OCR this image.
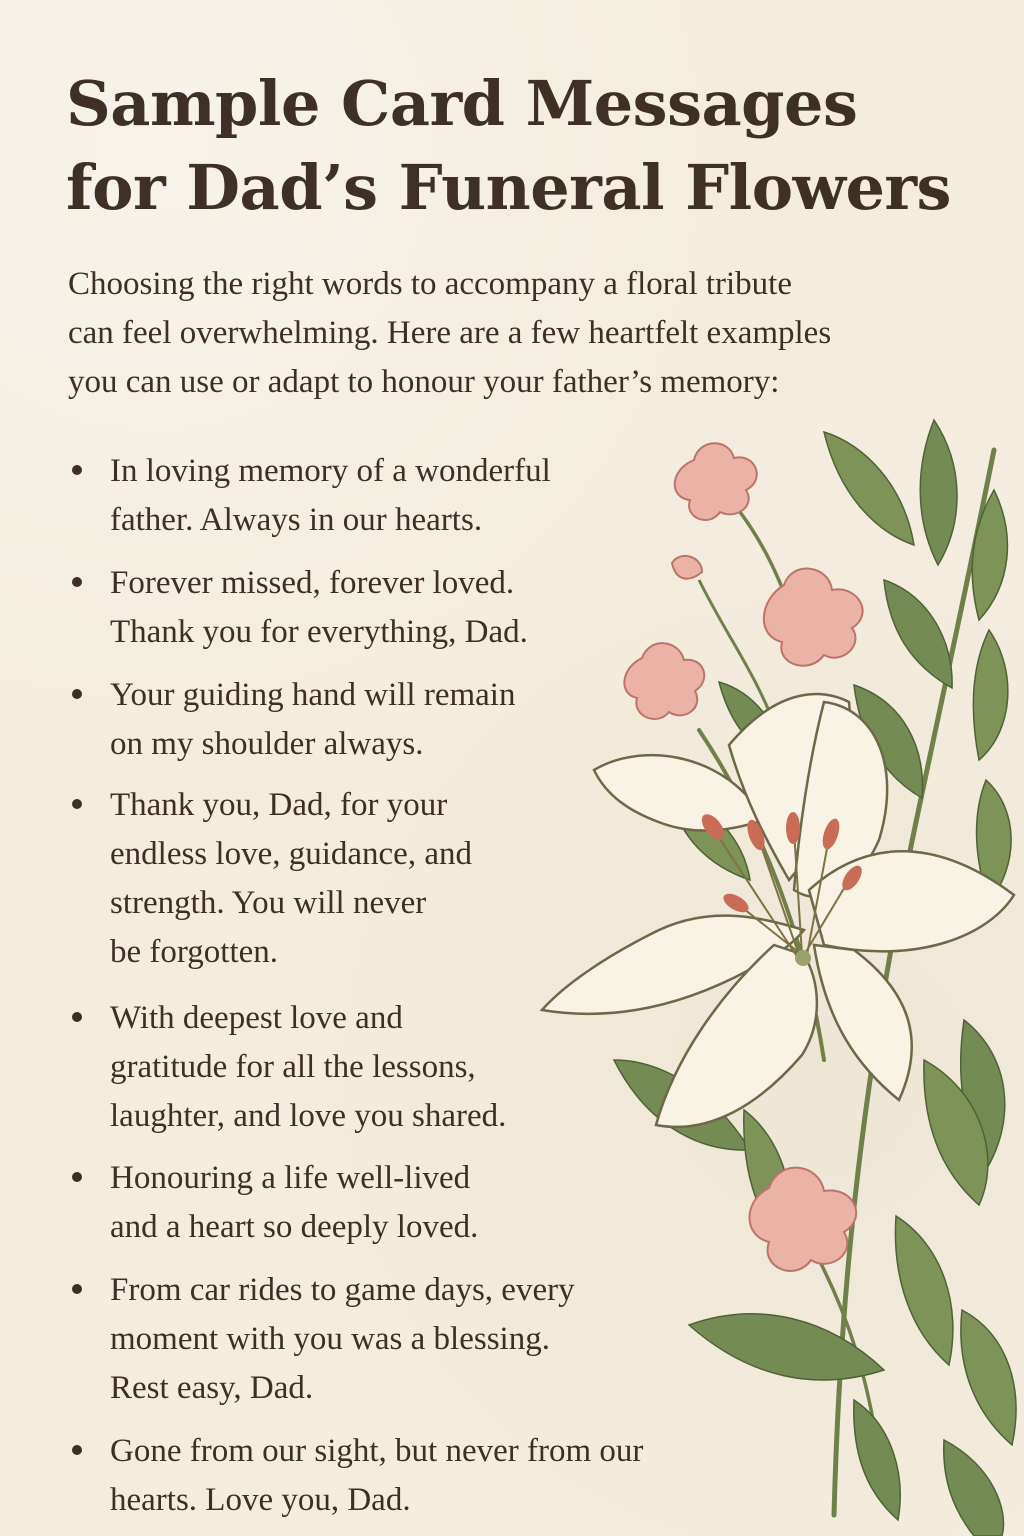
Sample Card Messages
for Dad’s Funeral Flowers

Choosing the right words to accompany a floral tribute
can feel overwhelming. Here are a few heartfelt examples
you can use or adapt to honour your father’s memory:

In loving memory of a wonderful
father. Always in our hearts.
Forever missed, forever loved.
Thank you for everything, Dad.
Your guiding hand will remain
on my shoulder always.
Thank you, Dad, for your
endless love, guidance, and
strength. You will never
be forgotten.
With deepest love and
gratitude for all the lessons,
laughter, and love you shared.
Honouring a life well-lived
and a heart so deeply loved.
From car rides to game days, every
moment with you was a blessing.
Rest easy, Dad.
Gone from our sight, but never from our
hearts. Love you, Dad.
